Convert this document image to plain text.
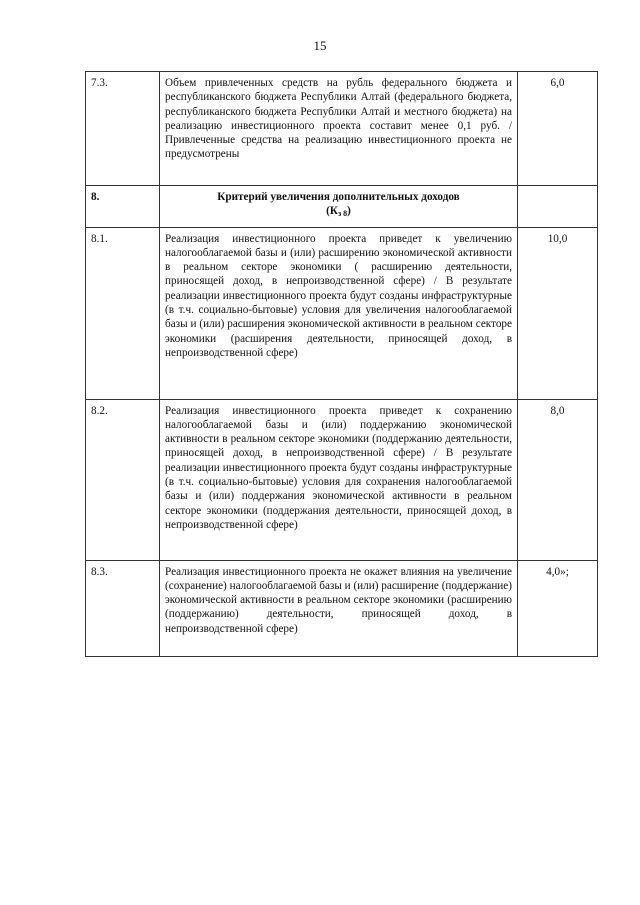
15
7.3.	Объем привлеченных средств на рубль федерального бюджета и республиканского бюджета Республики Алтай (федерального бюджета, республиканского бюджета Республики Алтай и местного бюджета) на реализацию инвестиционного проекта составит менее 0,1 руб. / Привлеченные средства на реализацию инвестиционного проекта не предусмотрены	6,0
8.	Критерий увеличения дополнительных доходов
$(К_{з 8})$	
8.1.	Реализация инвестиционного проекта приведет к увеличению налогооблагаемой базы и (или) расширению экономической активности в реальном секторе экономики ( расширению деятельности, приносящей доход, в непроизводственной сфере) / В результате реализации инвестиционного проекта будут созданы инфраструктурные (в т.ч. социально-бытовые) условия для увеличения налогооблагаемой базы и (или) расширения экономической активности в реальном секторе экономики (расширения деятельности, приносящей доход, в непроизводственной сфере)	10,0
8.2.	Реализация инвестиционного проекта приведет к сохранению налогооблагаемой базы и (или) поддержанию экономической активности в реальном секторе экономики (поддержанию деятельности, приносящей доход, в непроизводственной сфере) / В результате реализации инвестиционного проекта будут созданы инфраструктурные (в т.ч. социально-бытовые) условия для сохранения налогооблагаемой базы и (или) поддержания экономической активности в реальном секторе экономики (поддержания деятельности, приносящей доход, в непроизводственной сфере)	8,0
8.3.	Реализация инвестиционного проекта не окажет влияния на увеличение (сохранение) налогооблагаемой базы и (или) расширение (поддержание) экономической активности в реальном секторе экономики (расширению (поддержанию) деятельности, приносящей доход, в непроизводственной сфере)	4,0»;
